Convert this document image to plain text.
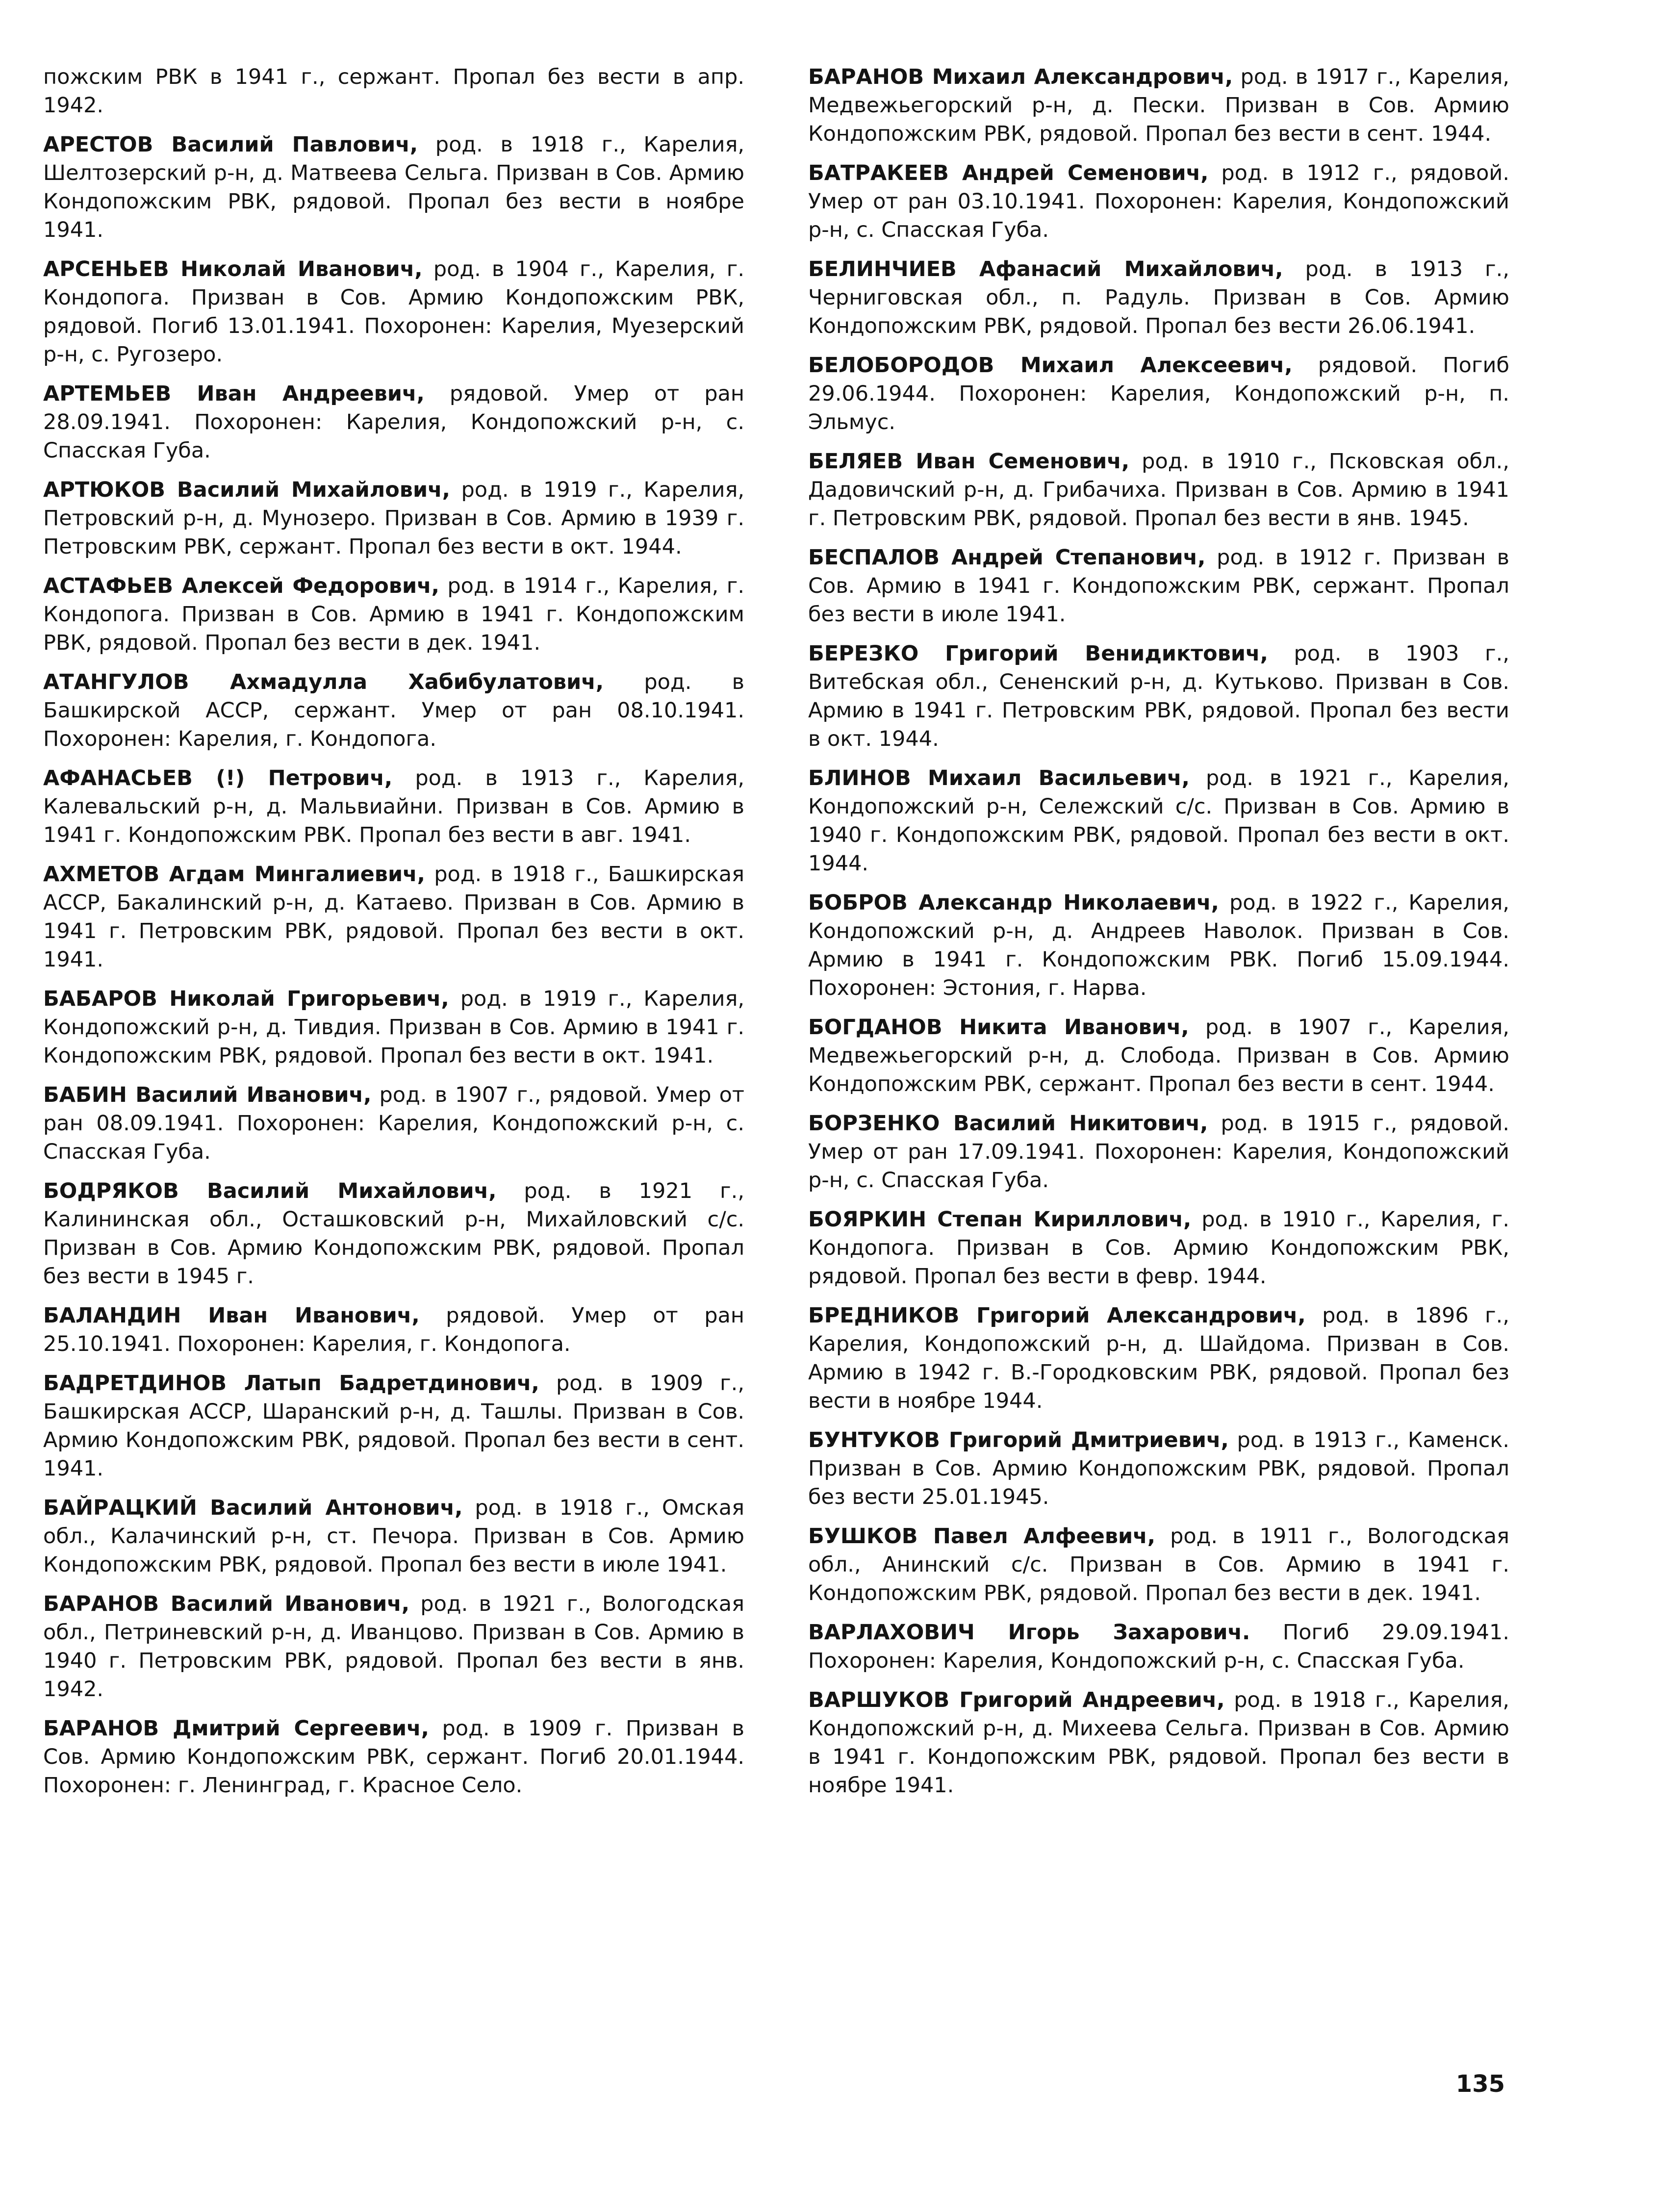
пожским РВК в 1941 г., сержант. Пропал без вести в апр. 1942.

АРЕСТОВ Василий Павлович, род. в 1918 г., Карелия, Шелтозерский р-н, д. Матвеева Сельга. Призван в Сов. Армию Кондопожским РВК, рядовой. Пропал без вести в ноябре 1941.

АРСЕНЬЕВ Николай Иванович, род. в 1904 г., Карелия, г. Кондопога. Призван в Сов. Армию Кондопожским РВК, рядовой. Погиб 13.01.1941. Похоронен: Карелия, Муезерский р-н, с. Ругозеро.

АРТЕМЬЕВ Иван Андреевич, рядовой. Умер от ран 28.09.1941. Похоронен: Карелия, Кондопожский р-н, с. Спасская Губа.

АРТЮКОВ Василий Михайлович, род. в 1919 г., Карелия, Петровский р-н, д. Мунозеро. Призван в Сов. Армию в 1939 г. Петровским РВК, сержант. Пропал без вести в окт. 1944.

АСТАФЬЕВ Алексей Федорович, род. в 1914 г., Карелия, г. Кондопога. Призван в Сов. Армию в 1941 г. Кондопожским РВК, рядовой. Пропал без вести в дек. 1941.

АТАНГУЛОВ Ахмадулла Хабибулатович, род. в Башкирской АССР, сержант. Умер от ран 08.10.1941. Похоронен: Карелия, г. Кондопога.

АФАНАСЬЕВ (!) Петрович, род. в 1913 г., Карелия, Калевальский р-н, д. Мальвиайни. Призван в Сов. Армию в 1941 г. Кондопожским РВК. Пропал без вести в авг. 1941.

АХМЕТОВ Агдам Мингалиевич, род. в 1918 г., Башкирская АССР, Бакалинский р-н, д. Катаево. Призван в Сов. Армию в 1941 г. Петровским РВК, рядовой. Пропал без вести в окт. 1941.

БАБАРОВ Николай Григорьевич, род. в 1919 г., Карелия, Кондопожский р-н, д. Тивдия. Призван в Сов. Армию в 1941 г. Кондопожским РВК, рядовой. Пропал без вести в окт. 1941.

БАБИН Василий Иванович, род. в 1907 г., рядовой. Умер от ран 08.09.1941. Похоронен: Карелия, Кондопожский р-н, с. Спасская Губа.

БОДРЯКОВ Василий Михайлович, род. в 1921 г., Калининская обл., Осташковский р-н, Михайловский с/с. Призван в Сов. Армию Кондопожским РВК, рядовой. Пропал без вести в 1945 г.

БАЛАНДИН Иван Иванович, рядовой. Умер от ран 25.10.1941. Похоронен: Карелия, г. Кондопога.

БАДРЕТДИНОВ Латып Бадретдинович, род. в 1909 г., Башкирская АССР, Шаранский р-н, д. Ташлы. Призван в Сов. Армию Кондопожским РВК, рядовой. Пропал без вести в сент. 1941.

БАЙРАЦКИЙ Василий Антонович, род. в 1918 г., Омская обл., Калачинский р-н, ст. Печора. Призван в Сов. Армию Кондопожским РВК, рядовой. Пропал без вести в июле 1941.

БАРАНОВ Василий Иванович, род. в 1921 г., Вологодская обл., Петриневский р-н, д. Иванцово. Призван в Сов. Армию в 1940 г. Петровским РВК, рядовой. Пропал без вести в янв. 1942.

БАРАНОВ Дмитрий Сергеевич, род. в 1909 г. Призван в Сов. Армию Кондопожским РВК, сержант. Погиб 20.01.1944. Похоронен: г. Ленинград, г. Красное Село.

БАРАНОВ Михаил Александрович, род. в 1917 г., Карелия, Медвежьегорский р-н, д. Пески. Призван в Сов. Армию Кондопожским РВК, рядовой. Пропал без вести в сент. 1944.

БАТРАКЕЕВ Андрей Семенович, род. в 1912 г., рядовой. Умер от ран 03.10.1941. Похоронен: Карелия, Кондопожский р-н, с. Спасская Губа.

БЕЛИНЧИЕВ Афанасий Михайлович, род. в 1913 г., Черниговская обл., п. Радуль. Призван в Сов. Армию Кондопожским РВК, рядовой. Пропал без вести 26.06.1941.

БЕЛОБОРОДОВ Михаил Алексеевич, рядовой. Погиб 29.06.1944. Похоронен: Карелия, Кондопожский р-н, п. Эльмус.

БЕЛЯЕВ Иван Семенович, род. в 1910 г., Псковская обл., Дадовичский р-н, д. Грибачиха. Призван в Сов. Армию в 1941 г. Петровским РВК, рядовой. Пропал без вести в янв. 1945.

БЕСПАЛОВ Андрей Степанович, род. в 1912 г. Призван в Сов. Армию в 1941 г. Кондопожским РВК, сержант. Пропал без вести в июле 1941.

БЕРЕЗКО Григорий Венидиктович, род. в 1903 г., Витебская обл., Сененский р-н, д. Кутьково. Призван в Сов. Армию в 1941 г. Петровским РВК, рядовой. Пропал без вести в окт. 1944.

БЛИНОВ Михаил Васильевич, род. в 1921 г., Карелия, Кондопожский р-н, Сележский с/с. Призван в Сов. Армию в 1940 г. Кондопожским РВК, рядовой. Пропал без вести в окт. 1944.

БОБРОВ Александр Николаевич, род. в 1922 г., Карелия, Кондопожский р-н, д. Андреев Наволок. Призван в Сов. Армию в 1941 г. Кондопожским РВК. Погиб 15.09.1944. Похоронен: Эстония, г. Нарва.

БОГДАНОВ Никита Иванович, род. в 1907 г., Карелия, Медвежьегорский р-н, д. Слобода. Призван в Сов. Армию Кондопожским РВК, сержант. Пропал без вести в сент. 1944.

БОРЗЕНКО Василий Никитович, род. в 1915 г., рядовой. Умер от ран 17.09.1941. Похоронен: Карелия, Кондопожский р-н, с. Спасская Губа.

БОЯРКИН Степан Кириллович, род. в 1910 г., Карелия, г. Кондопога. Призван в Сов. Армию Кондопожским РВК, рядовой. Пропал без вести в февр. 1944.

БРЕДНИКОВ Григорий Александрович, род. в 1896 г., Карелия, Кондопожский р-н, д. Шайдома. Призван в Сов. Армию в 1942 г. В.-Городковским РВК, рядовой. Пропал без вести в ноябре 1944.

БУНТУКОВ Григорий Дмитриевич, род. в 1913 г., Каменск. Призван в Сов. Армию Кондопожским РВК, рядовой. Пропал без вести 25.01.1945.

БУШКОВ Павел Алфеевич, род. в 1911 г., Вологодская обл., Анинский с/с. Призван в Сов. Армию в 1941 г. Кондопожским РВК, рядовой. Пропал без вести в дек. 1941.

ВАРЛАХОВИЧ Игорь Захарович. Погиб 29.09.1941. Похоронен: Карелия, Кондопожский р-н, с. Спасская Губа.

ВАРШУКОВ Григорий Андреевич, род. в 1918 г., Карелия, Кондопожский р-н, д. Михеева Сельга. Призван в Сов. Армию в 1941 г. Кондопожским РВК, рядовой. Пропал без вести в ноябре 1941.

135
